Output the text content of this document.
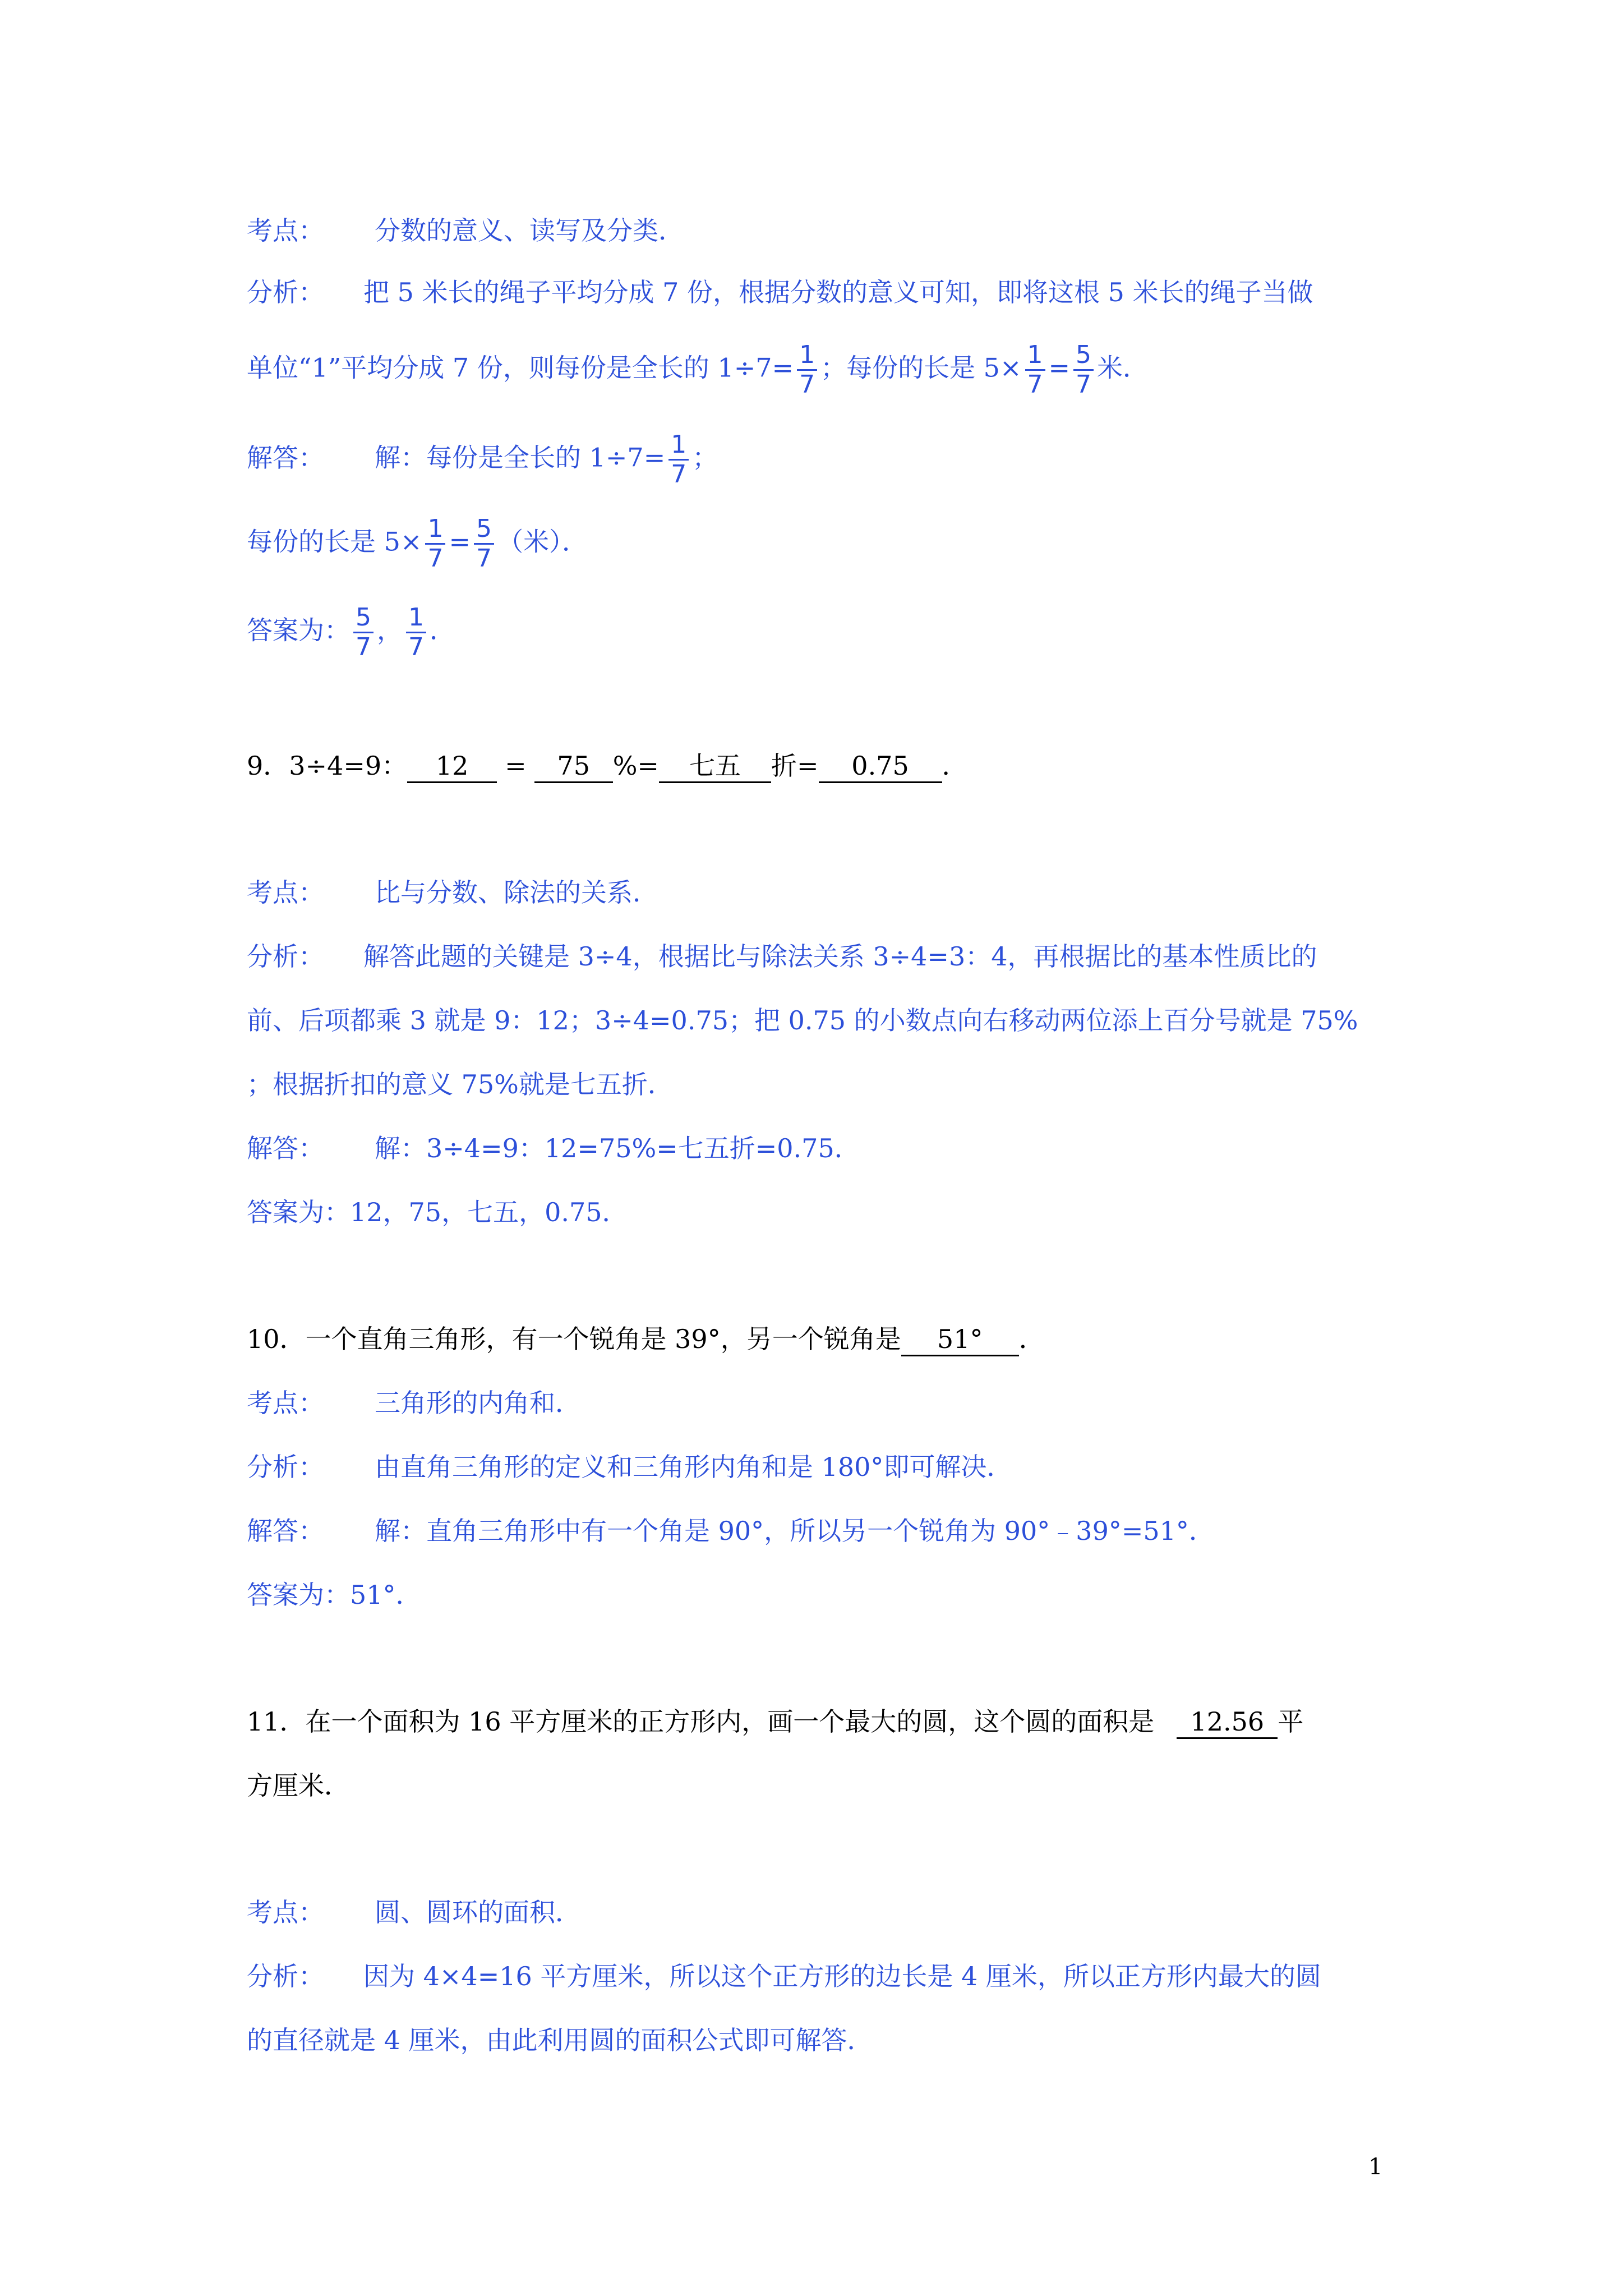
考点： 分数的意义、读写及分类．
分析： 把 5 米长的绳子平均分成 7 份，根据分数的意义可知，即将这根 5 米长的绳子当做
单位“1”平均分成 7 份，则每份是全长的 $1\div 7= \frac{1}{7}$ ；每份的长是 $5\times \frac{1}{7} = \frac{5}{7}$ 米．
解答： 解：每份是全长的 $1\div 7= \frac{1}{7}$ ；
每份的长是 $5\times \frac{1}{7} = \frac{5}{7}$ （米）．
答案为： $\frac{5}{7}$ ， $\frac{1}{7}$ ．
9．3÷4=9： 12 = 75 %= 七五 折= 0.75 ．
考点： 比与分数、除法的关系．
分析： 解答此题的关键是 3÷4，根据比与除法关系 3÷4=3：4，再根据比的基本性质比的
前、后项都乘 3 就是 9：12；3÷4=0.75；把 0.75 的小数点向右移动两位添上百分号就是 75%
；根据折扣的意义 75%就是七五折．
解答： 解：3÷4=9：12=75%=七五折=0.75．
答案为：12，75，七五，0.75．
10．一个直角三角形，有一个锐角是 39°，另一个锐角是 51° ．
考点： 三角形的内角和．
分析： 由直角三角形的定义和三角形内角和是 180°即可解决．
解答： 解：直角三角形中有一个角是 90°，所以另一个锐角为 90°﹣39°=51°．
答案为：51°．
11．在一个面积为 16 平方厘米的正方形内，画一个最大的圆，这个圆的面积是 12.56 平
方厘米．
考点： 圆、圆环的面积．
分析： 因为 4×4=16 平方厘米，所以这个正方形的边长是 4 厘米，所以正方形内最大的圆
的直径就是 4 厘米，由此利用圆的面积公式即可解答．
1
